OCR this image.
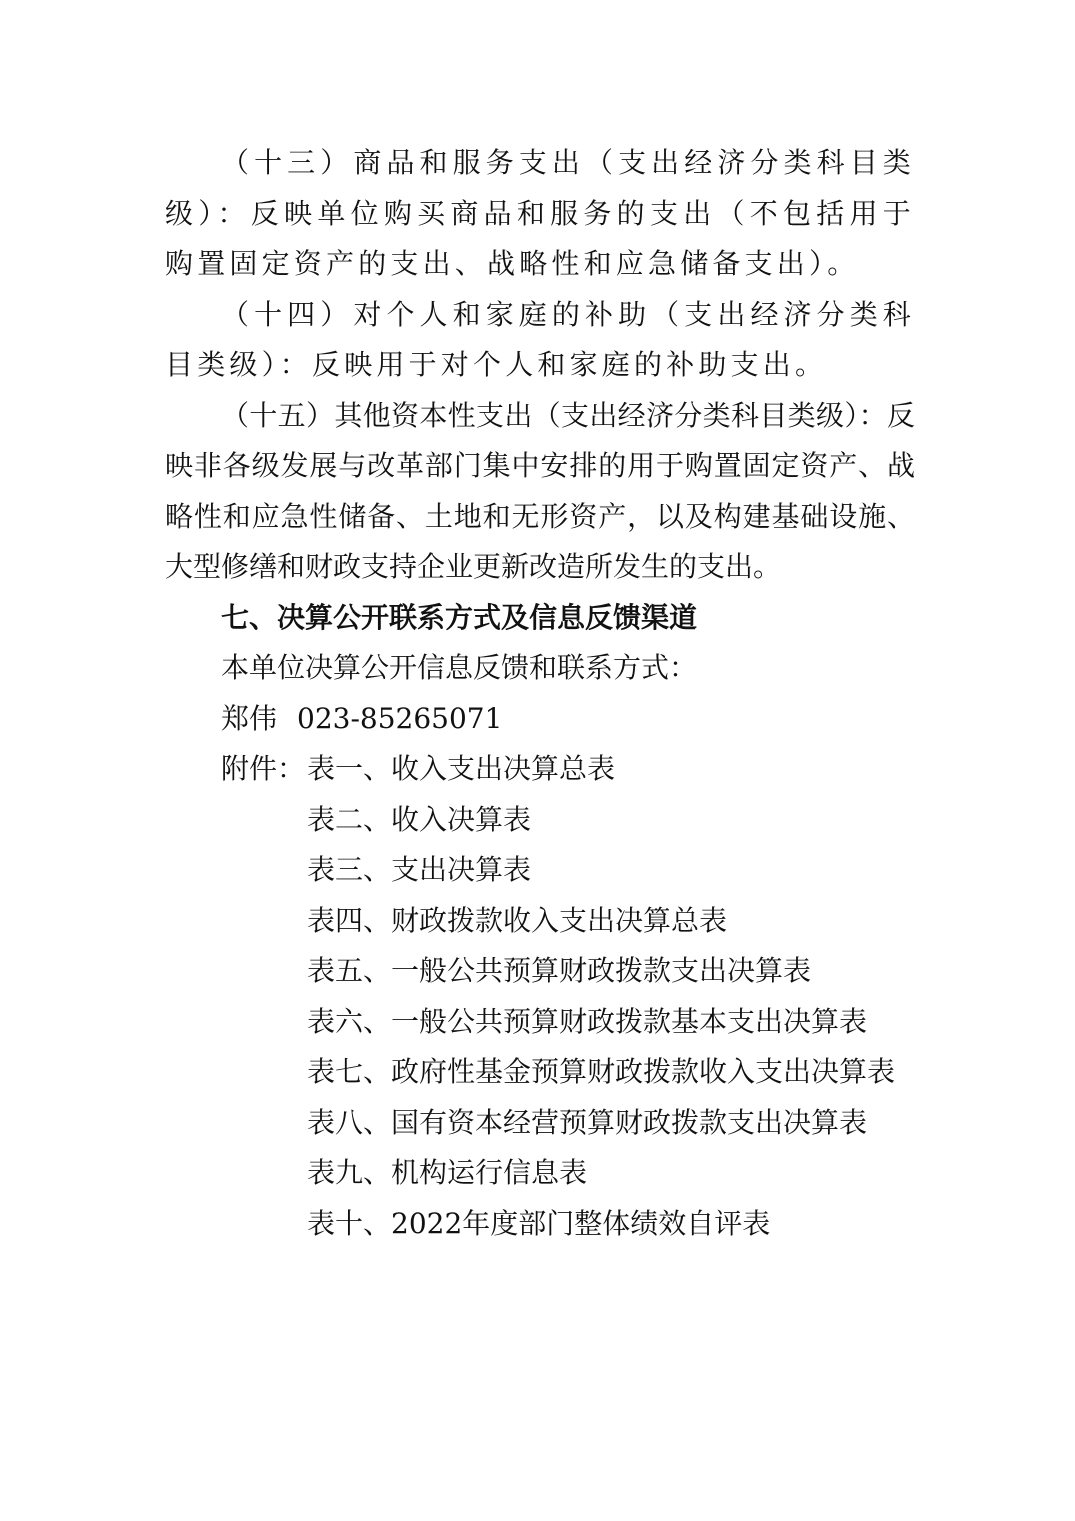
（十三）商品和服务支出（支出经济分类科目类级）：反映单位购买商品和服务的支出（不包括用于购置固定资产的支出、战略性和应急储备支出）。

（十四）对个人和家庭的补助（支出经济分类科目类级）：反映用于对个人和家庭的补助支出。

（十五）其他资本性支出（支出经济分类科目类级）：反映非各级发展与改革部门集中安排的用于购置固定资产、战略性和应急性储备、土地和无形资产，以及构建基础设施、大型修缮和财政支持企业更新改造所发生的支出。

七、决算公开联系方式及信息反馈渠道

本单位决算公开信息反馈和联系方式：

郑伟 023-85265071

附件：表一、收入支出决算总表

表二、收入决算表

表三、支出决算表

表四、财政拨款收入支出决算总表

表五、一般公共预算财政拨款支出决算表

表六、一般公共预算财政拨款基本支出决算表

表七、政府性基金预算财政拨款收入支出决算表

表八、国有资本经营预算财政拨款支出决算表

表九、机构运行信息表

表十、2022年度部门整体绩效自评表
